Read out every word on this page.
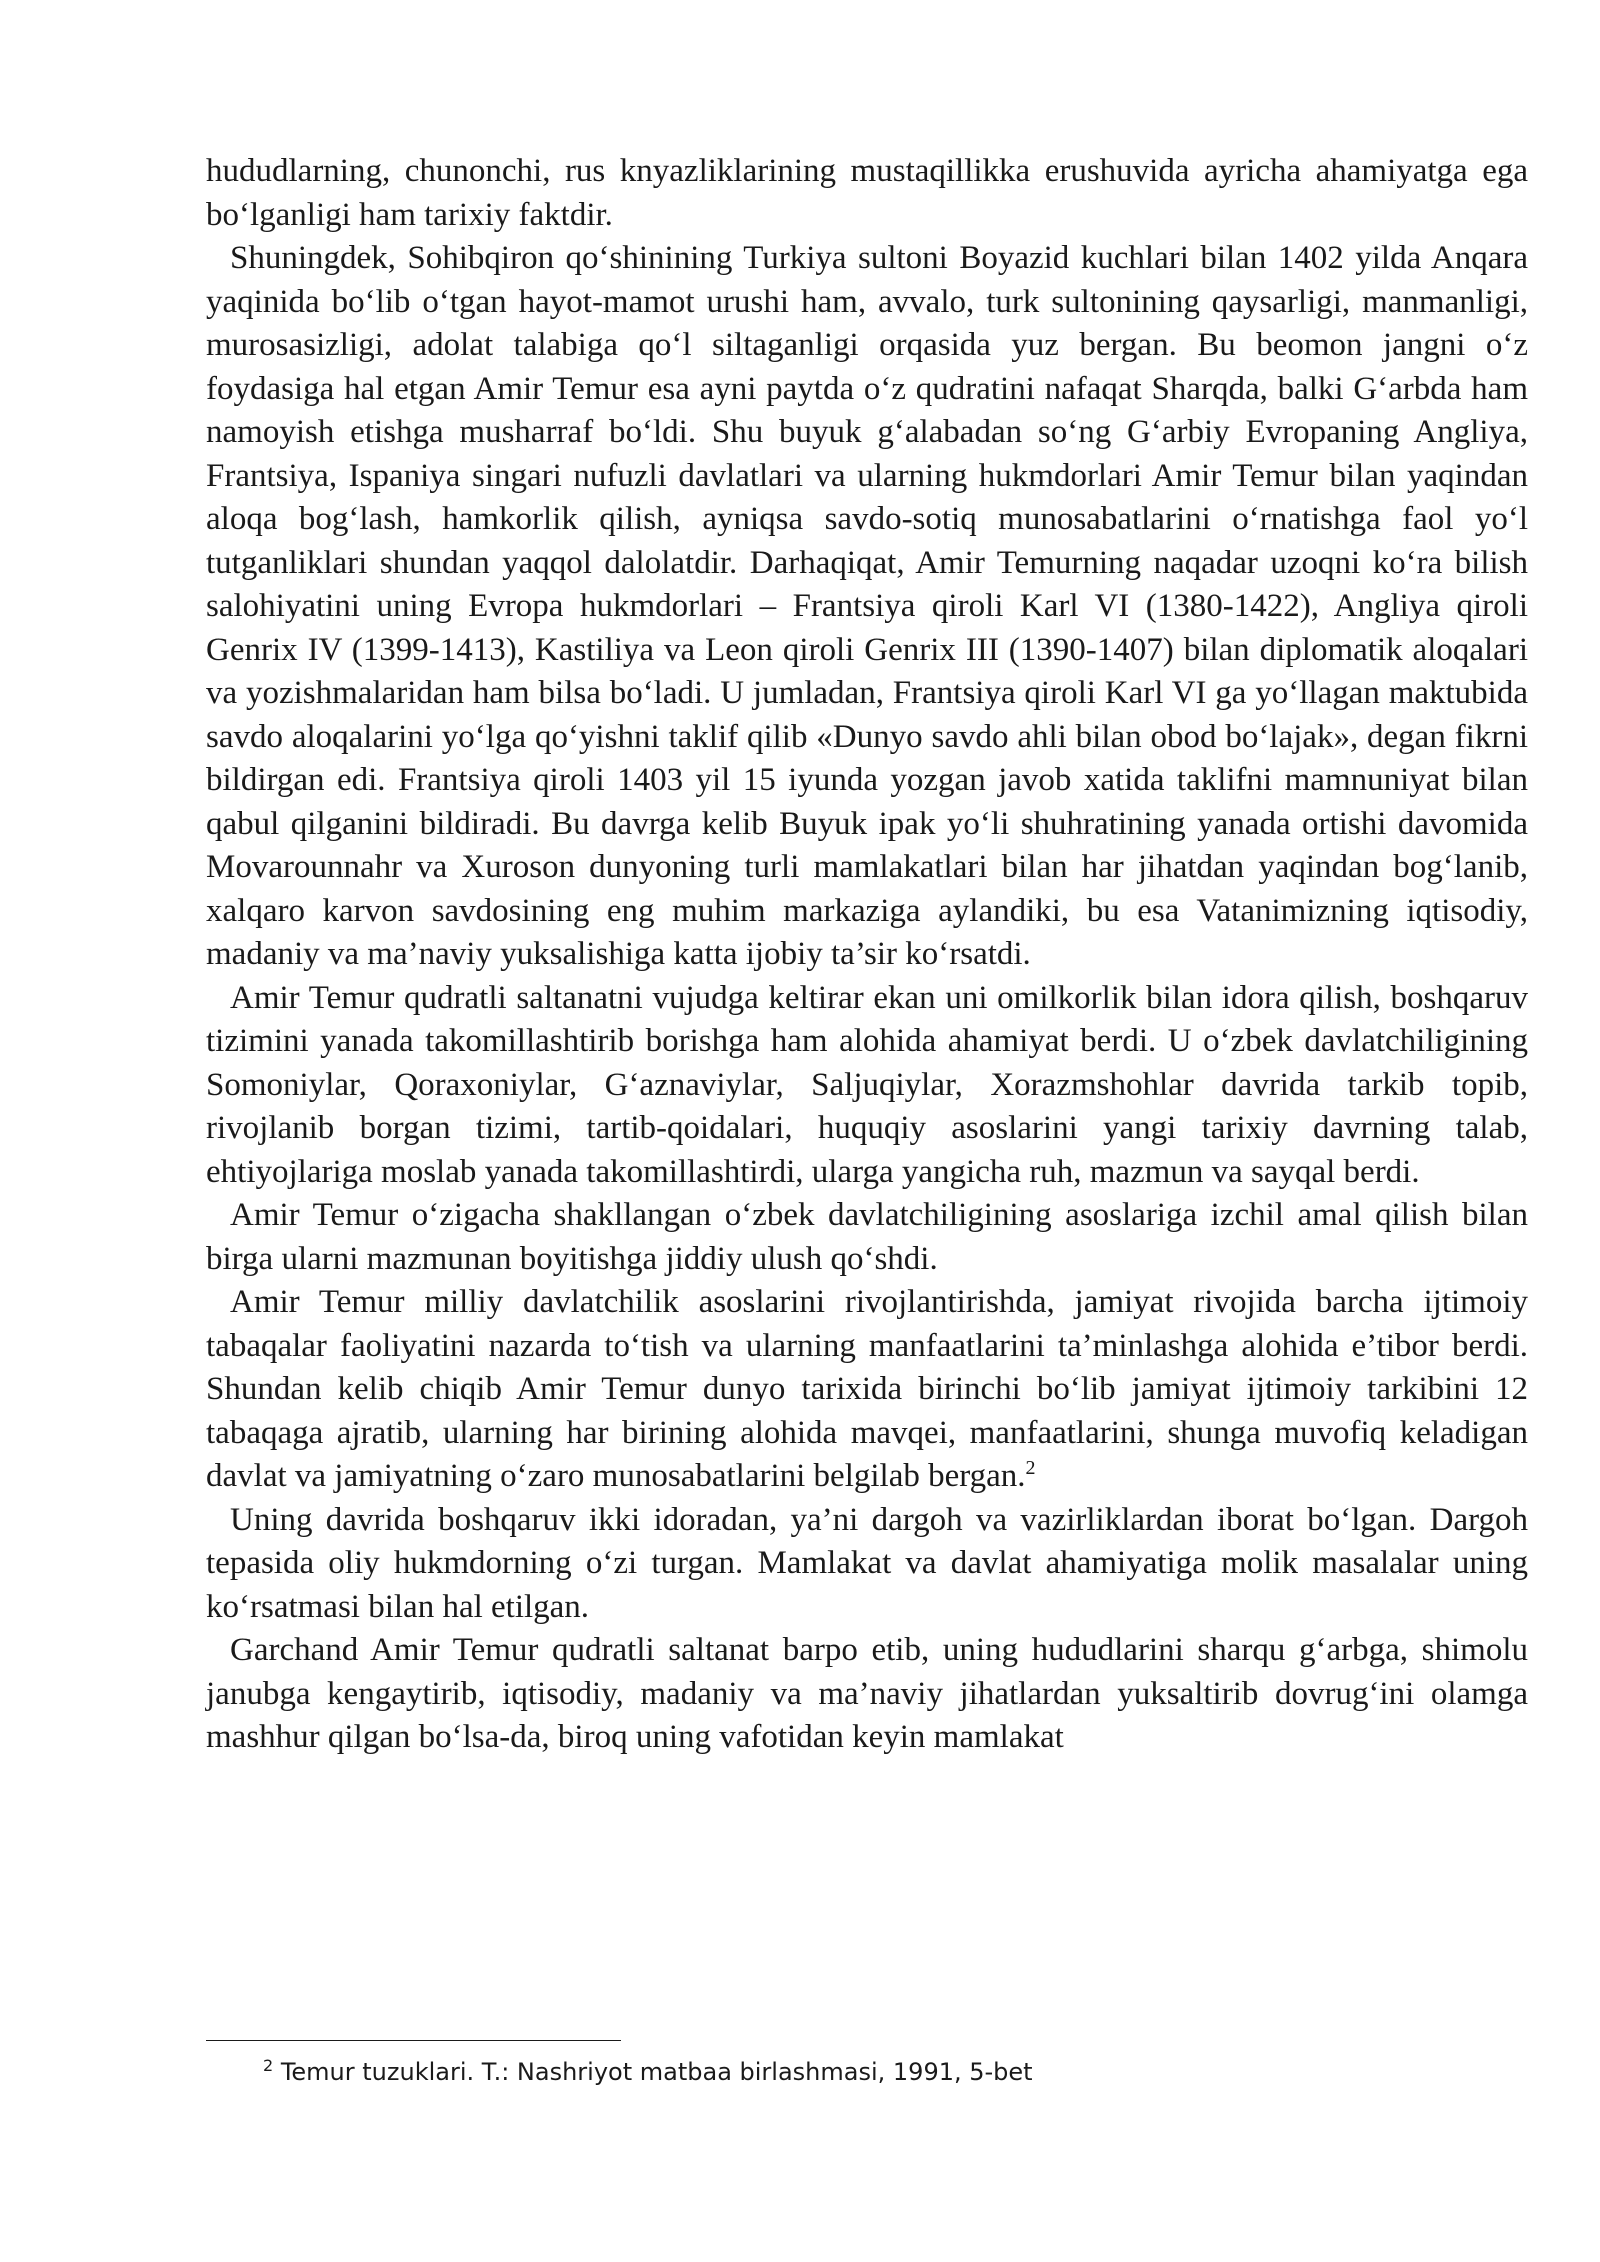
hududlarning, chunonchi, rus knyazliklarining mustaqillikka erushuvida ayricha ahamiyatga ega bo‘lganligi ham tarixiy faktdir.

Shuningdek, Sohibqiron qo‘shinining Turkiya sultoni Boyazid kuchlari bilan 1402 yilda Anqara yaqinida bo‘lib o‘tgan hayot-mamot urushi ham, avvalo, turk sultonining qaysarligi, manmanligi, murosasizligi, adolat talabiga qo‘l siltaganligi orqasida yuz bergan. Bu beomon jangni o‘z foydasiga hal etgan Amir Temur esa ayni paytda o‘z qudratini nafaqat Sharqda, balki G‘arbda ham namoyish etishga musharraf bo‘ldi. Shu buyuk g‘alabadan so‘ng G‘arbiy Evropaning Angliya, Frantsiya, Ispaniya singari nufuzli davlatlari va ularning hukmdorlari Amir Temur bilan yaqindan aloqa bog‘lash, hamkorlik qilish, ayniqsa savdo-sotiq munosabatlarini o‘rnatishga faol yo‘l tutganliklari shundan yaqqol dalolatdir. Darhaqiqat, Amir Temurning naqadar uzoqni ko‘ra bilish salohiyatini uning Evropa hukmdorlari – Frantsiya qiroli Karl VI (1380-1422), Angliya qiroli Genrix IV (1399-1413), Kastiliya va Leon qiroli Genrix III (1390-1407) bilan diplomatik aloqalari va yozishmalaridan ham bilsa bo‘ladi. U jumladan, Frantsiya qiroli Karl VI ga yo‘llagan maktubida savdo aloqalarini yo‘lga qo‘yishni taklif qilib «Dunyo savdo ahli bilan obod bo‘lajak», degan fikrni bildirgan edi. Frantsiya qiroli 1403 yil 15 iyunda yozgan javob xatida taklifni mamnuniyat bilan qabul qilganini bildiradi. Bu davrga kelib Buyuk ipak yo‘li shuhratining yanada ortishi davomida Movarounnahr va Xuroson dunyoning turli mamlakatlari bilan har jihatdan yaqindan bog‘lanib, xalqaro karvon savdosining eng muhim markaziga aylandiki, bu esa Vatanimizning iqtisodiy, madaniy va ma’naviy yuksalishiga katta ijobiy ta’sir ko‘rsatdi.

Amir Temur qudratli saltanatni vujudga keltirar ekan uni omilkorlik bilan idora qilish, boshqaruv tizimini yanada takomillashtirib borishga ham alohida ahamiyat berdi. U o‘zbek davlatchiligining Somoniylar, Qoraxoniylar, G‘aznaviylar, Saljuqiylar, Xorazmshohlar davrida tarkib topib, rivojlanib borgan tizimi, tartib-qoidalari, huquqiy asoslarini yangi tarixiy davrning talab, ehtiyojlariga moslab yanada takomillashtirdi, ularga yangicha ruh, mazmun va sayqal berdi.

Amir Temur o‘zigacha shakllangan o‘zbek davlatchiligining asoslariga izchil amal qilish bilan birga ularni mazmunan boyitishga jiddiy ulush qo‘shdi.

Amir Temur milliy davlatchilik asoslarini rivojlantirishda, jamiyat rivojida barcha ijtimoiy tabaqalar faoliyatini nazarda to‘tish va ularning manfaatlarini ta’minlashga alohida e’tibor berdi. Shundan kelib chiqib Amir Temur dunyo tarixida birinchi bo‘lib jamiyat ijtimoiy tarkibini 12 tabaqaga ajratib, ularning har birining alohida mavqei, manfaatlarini, shunga muvofiq keladigan davlat va jamiyatning o‘zaro munosabatlarini belgilab bergan.$^2$

Uning davrida boshqaruv ikki idoradan, ya’ni dargoh va vazirliklardan iborat bo‘lgan. Dargoh tepasida oliy hukmdorning o‘zi turgan. Mamlakat va davlat ahamiyatiga molik masalalar uning ko‘rsatmasi bilan hal etilgan.

Garchand Amir Temur qudratli saltanat barpo etib, uning hududlarini sharqu g‘arbga, shimolu janubga kengaytirib, iqtisodiy, madaniy va ma’naviy jihatlardan yuksaltirib dovrug‘ini olamga mashhur qilgan bo‘lsa-da, biroq uning vafotidan keyin mamlakat

$^2$ Temur tuzuklari. T.: Nashriyot matbaa birlashmasi, 1991, 5-bet
